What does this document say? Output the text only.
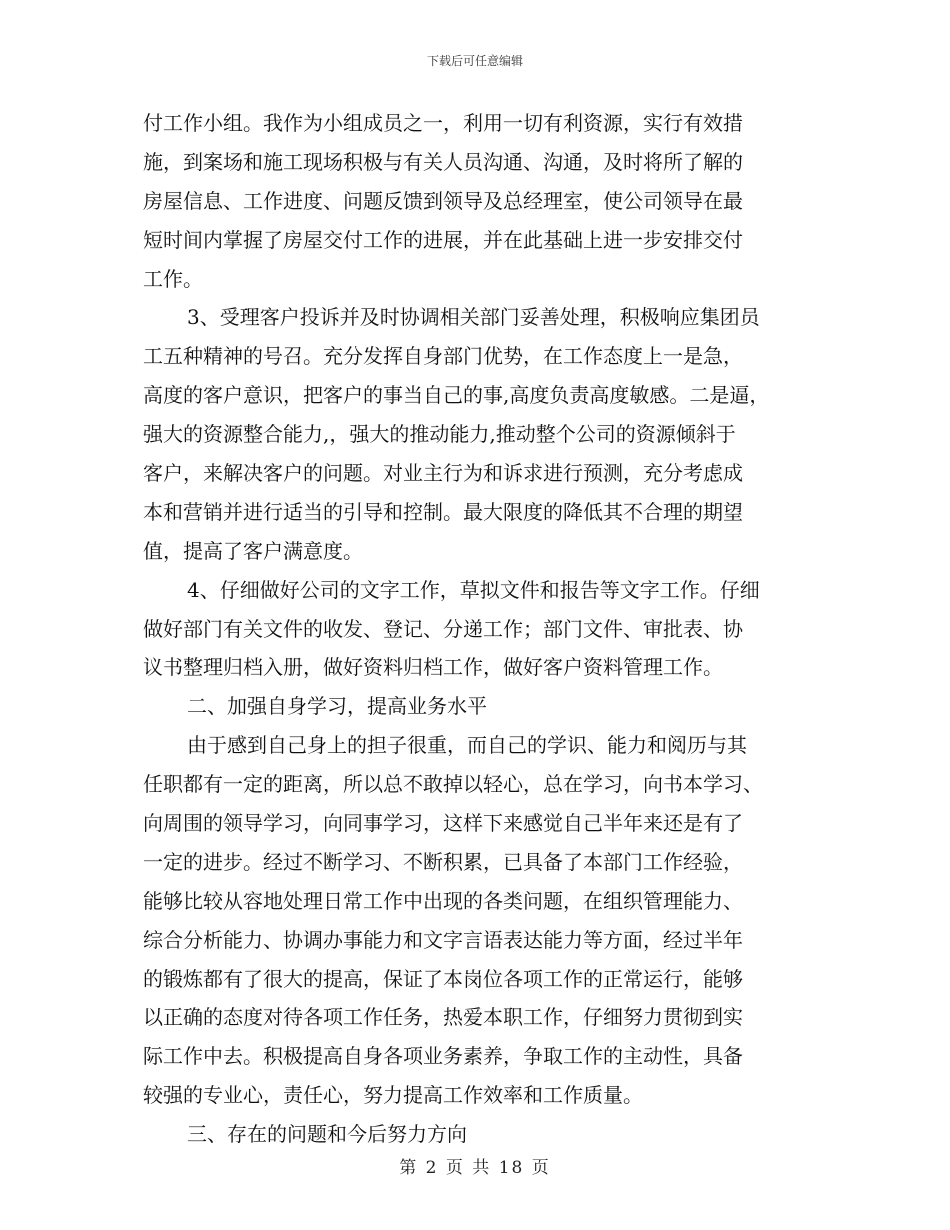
下载后可任意编辑
付工作小组。我作为小组成员之一，利用一切有利资源，实行有效措
施，到案场和施工现场积极与有关人员沟通、沟通，及时将所了解的
房屋信息、工作进度、问题反馈到领导及总经理室，使公司领导在最
短时间内掌握了房屋交付工作的进展，并在此基础上进一步安排交付
工作。
3、受理客户投诉并及时协调相关部门妥善处理，积极响应集团员
工五种精神的号召。充分发挥自身部门优势，在工作态度上一是急，
高度的客户意识，把客户的事当自己的事,高度负责高度敏感。二是逼，
强大的资源整合能力,，强大的推动能力,推动整个公司的资源倾斜于
客户，来解决客户的问题。对业主行为和诉求进行预测，充分考虑成
本和营销并进行适当的引导和控制。最大限度的降低其不合理的期望
值，提高了客户满意度。
4、仔细做好公司的文字工作，草拟文件和报告等文字工作。仔细
做好部门有关文件的收发、登记、分递工作；部门文件、审批表、协
议书整理归档入册，做好资料归档工作，做好客户资料管理工作。
二、加强自身学习，提高业务水平
由于感到自己身上的担子很重，而自己的学识、能力和阅历与其
任职都有一定的距离，所以总不敢掉以轻心，总在学习，向书本学习、
向周围的领导学习，向同事学习，这样下来感觉自己半年来还是有了
一定的进步。经过不断学习、不断积累，已具备了本部门工作经验，
能够比较从容地处理日常工作中出现的各类问题，在组织管理能力、
综合分析能力、协调办事能力和文字言语表达能力等方面，经过半年
的锻炼都有了很大的提高，保证了本岗位各项工作的正常运行，能够
以正确的态度对待各项工作任务，热爱本职工作，仔细努力贯彻到实
际工作中去。积极提高自身各项业务素养，争取工作的主动性，具备
较强的专业心，责任心，努力提高工作效率和工作质量。
三、存在的问题和今后努力方向
第 2 页 共 18 页
